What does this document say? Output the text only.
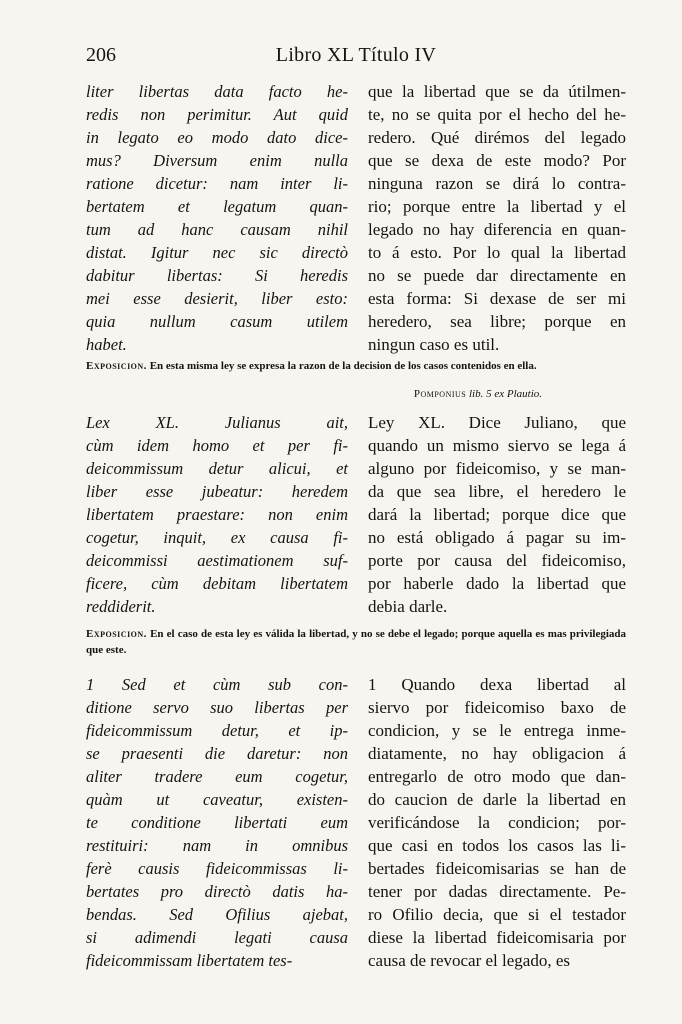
206	Libro XL Título IV
liter libertas data facto he-
redis non perimitur. Aut quid
in legato eo modo dato dice-
mus? Diversum enim nulla
ratione dicetur: nam inter li-
bertatem et legatum quan-
tum ad hanc causam nihil
distat. Igitur nec sic directò
dabitur libertas: Si heredis
mei esse desierit, liber esto:
quia nullum casum utilem
habet.
que la libertad que se da útilmen-
te, no se quita por el hecho del he-
redero. Qué dirémos del legado
que se dexa de este modo? Por
ninguna razon se dirá lo contra-
rio; porque entre la libertad y el
legado no hay diferencia en quan-
to á esto. Por lo qual la libertad
no se puede dar directamente en
esta forma: Si dexase de ser mi
heredero, sea libre; porque en
ningun caso es util.
Exposicion. En esta misma ley se expresa la razon de la decision de los casos contenidos en ella.
Pomponius lib. 5 ex Plautio.
Lex XL. Julianus ait,
cùm idem homo et per fi-
deicommissum detur alicui, et
liber esse jubeatur: heredem
libertatem praestare: non enim
cogetur, inquit, ex causa fi-
deicommissi aestimationem suf-
ficere, cùm debitam libertatem
reddiderit.
Ley XL. Dice Juliano, que
quando un mismo siervo se lega á
alguno por fideicomiso, y se man-
da que sea libre, el heredero le
dará la libertad; porque dice que
no está obligado á pagar su im-
porte por causa del fideicomiso,
por haberle dado la libertad que
debia darle.
Exposicion. En el caso de esta ley es válida la libertad, y no se debe el legado; porque aquella es mas privilegiada que este.
1 Sed et cùm sub con-
ditione servo suo libertas per
fideicommissum detur, et ip-
se praesenti die daretur: non
aliter tradere eum cogetur,
quàm ut caveatur, existen-
te conditione libertati eum
restituiri: nam in omnibus
ferè causis fideicommissas li-
bertates pro directò datis ha-
bendas. Sed Ofilius ajebat,
si adimendi legati causa
fideicommissam libertatem tes-
1 Quando dexa libertad al
siervo por fideicomiso baxo de
condicion, y se le entrega inme-
diatamente, no hay obligacion á
entregarlo de otro modo que dan-
do caucion de darle la libertad en
verificándose la condicion; por-
que casi en todos los casos las li-
bertades fideicomisarias se han de
tener por dadas directamente. Pe-
ro Ofilio decia, que si el testador
diese la libertad fideicomisaria por
causa de revocar el legado, es
